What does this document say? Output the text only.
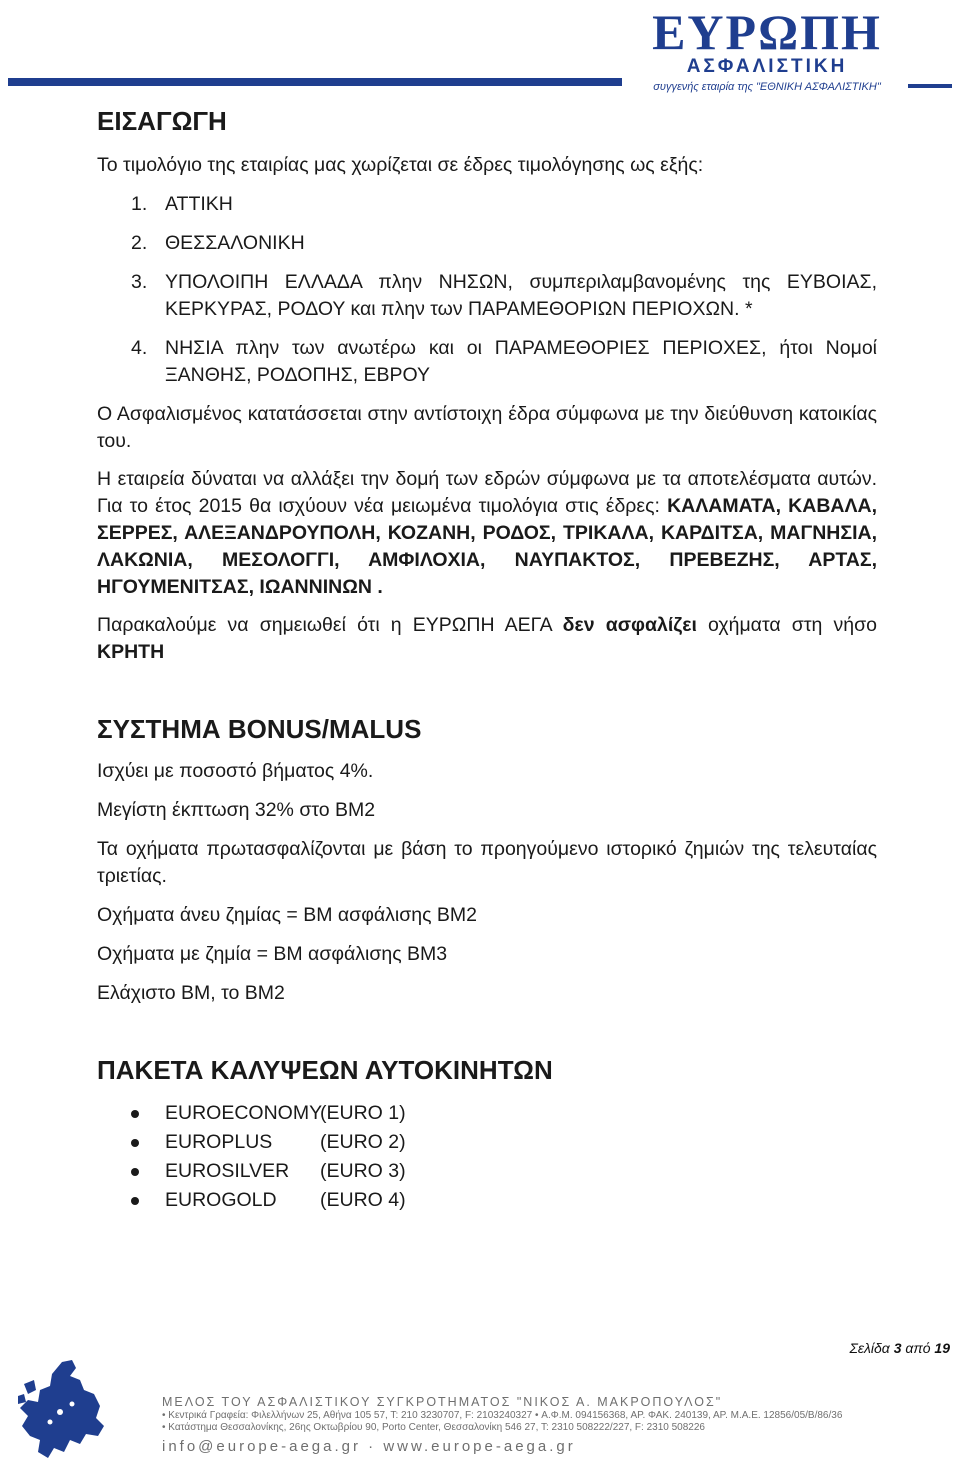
ΕΥΡΩΠΗ
ΑΣΦΑΛΙΣΤΙΚΗ
συγγενής εταιρία της "ΕΘΝΙΚΗ ΑΣΦΑΛΙΣΤΙΚΗ"
ΕΙΣΑΓΩΓΗ

Το τιμολόγιο της εταιρίας μας χωρίζεται σε έδρες τιμολόγησης ως εξής:

1. ΑΤΤΙΚΗ
2. ΘΕΣΣΑΛΟΝΙΚΗ
3. ΥΠΟΛΟΙΠΗ ΕΛΛΑΔΑ πλην ΝΗΣΩΝ, συμπεριλαμβανομένης της ΕΥΒΟΙΑΣ, ΚΕΡΚΥΡΑΣ, ΡΟΔΟΥ και πλην των ΠΑΡΑΜΕΘΟΡΙΩΝ ΠΕΡΙΟΧΩΝ. *
4. ΝΗΣΙΑ πλην των ανωτέρω και οι ΠΑΡΑΜΕΘΟΡΙΕΣ ΠΕΡΙΟΧΕΣ, ήτοι Νομοί ΞΑΝΘΗΣ, ΡΟΔΟΠΗΣ, ΕΒΡΟΥ

Ο Ασφαλισμένος κατατάσσεται στην αντίστοιχη έδρα σύμφωνα με την διεύθυνση κατοικίας του.

Η εταιρεία δύναται να αλλάξει την δομή των εδρών σύμφωνα με τα αποτελέσματα αυτών. Για το έτος 2015 θα ισχύουν νέα μειωμένα τιμολόγια στις έδρες: ΚΑΛΑΜΑΤΑ, ΚΑΒΑΛΑ, ΣΕΡΡΕΣ, ΑΛΕΞΑΝΔΡΟΥΠΟΛΗ, ΚΟΖΑΝΗ, ΡΟΔΟΣ, ΤΡΙΚΑΛΑ, ΚΑΡΔΙΤΣΑ, ΜΑΓΝΗΣΙΑ, ΛΑΚΩΝΙΑ, ΜΕΣΟΛΟΓΓΙ, ΑΜΦΙΛΟΧΙΑ, ΝΑΥΠΑΚΤΟΣ, ΠΡΕΒΕΖΗΣ, ΑΡΤΑΣ, ΗΓΟΥΜΕΝΙΤΣΑΣ, ΙΩΑΝΝΙΝΩΝ .

Παρακαλούμε να σημειωθεί ότι η ΕΥΡΩΠΗ ΑΕΓΑ δεν ασφαλίζει οχήματα στη νήσο ΚΡΗΤΗ

ΣΥΣΤΗΜΑ BONUS/MALUS

Ισχύει με ποσοστό βήματος 4%.

Μεγίστη έκπτωση 32% στο ΒΜ2

Τα οχήματα πρωτασφαλίζονται με βάση το προηγούμενο ιστορικό ζημιών της τελευταίας τριετίας.

Οχήματα άνευ ζημίας = ΒΜ ασφάλισης ΒΜ2

Οχήματα με ζημία = ΒΜ ασφάλισης ΒΜ3

Ελάχιστο ΒΜ, το ΒΜ2

ΠΑΚΕΤΑ ΚΑΛΥΨΕΩΝ ΑΥΤΟΚΙΝΗΤΩΝ
EUROECONOMY(EURO 1)
EUROPLUS (EURO 2)
EUROSILVER (EURO 3)
EUROGOLD (EURO 4)
Σελίδα 3 από 19
ΜΕΛΟΣ ΤΟΥ ΑΣΦΑΛΙΣΤΙΚΟΥ ΣΥΓΚΡΟΤΗΜΑΤΟΣ "ΝΙΚΟΣ Α. ΜΑΚΡΟΠΟΥΛΟΣ"
• Κεντρικά Γραφεία: Φιλελλήνων 25, Αθήνα 105 57, Τ: 210 3230707, F: 2103240327 • Α.Φ.Μ. 094156368, ΑΡ. ΦΑΚ. 240139, ΑΡ. Μ.Α.Ε. 12856/05/Β/86/36
• Κατάστημα Θεσσαλονίκης, 26ης Οκτωβρίου 90, Porto Center, Θεσσαλονίκη 546 27, Τ: 2310 508222/227, F: 2310 508226
info@europe-aega.gr · www.europe-aega.gr
